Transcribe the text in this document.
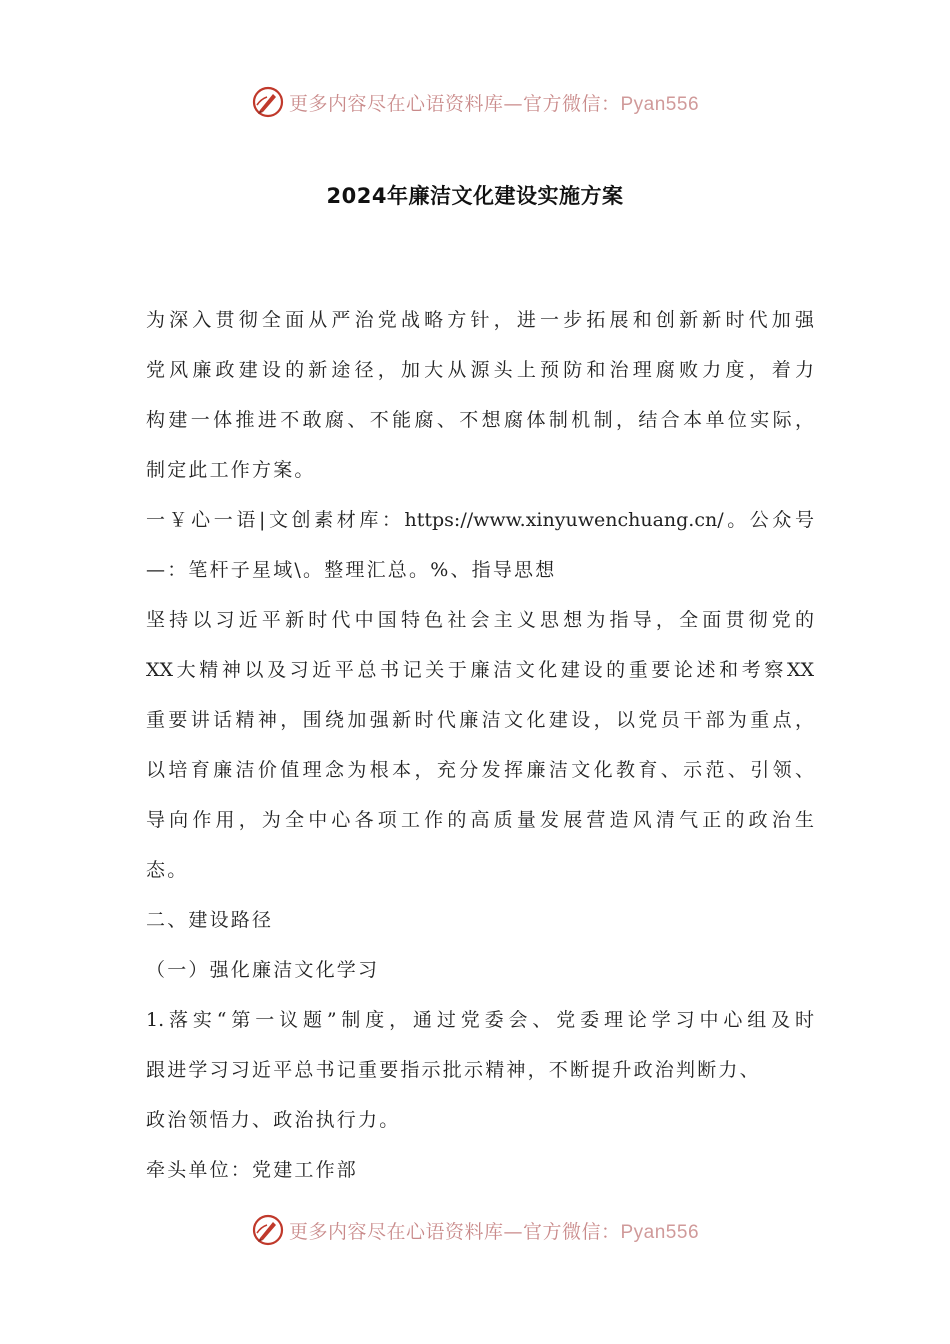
更多内容尽在心语资料库—官方微信：Pyan556
2024年廉洁文化建设实施方案
为深入贯彻全面从严治党战略方针，进一步拓展和创新新时代加强
党风廉政建设的新途径，加大从源头上预防和治理腐败力度，着力
构建一体推进不敢腐、不能腐、不想腐体制机制，结合本单位实际，
制定此工作方案。
一￥心一语|文创素材库：https://www.xinyuwenchuang.cn/。公众号
—：笔杆子星域\。整理汇总。%、指导思想
坚持以习近平新时代中国特色社会主义思想为指导，全面贯彻党的
XX大精神以及习近平总书记关于廉洁文化建设的重要论述和考察XX
重要讲话精神，围绕加强新时代廉洁文化建设，以党员干部为重点，
以培育廉洁价值理念为根本，充分发挥廉洁文化教育、示范、引领、
导向作用，为全中心各项工作的高质量发展营造风清气正的政治生
态。
二、建设路径
（一）强化廉洁文化学习
1.落实“第一议题”制度，通过党委会、党委理论学习中心组及时
跟进学习习近平总书记重要指示批示精神，不断提升政治判断力、
政治领悟力、政治执行力。
牵头单位：党建工作部
更多内容尽在心语资料库—官方微信：Pyan556
